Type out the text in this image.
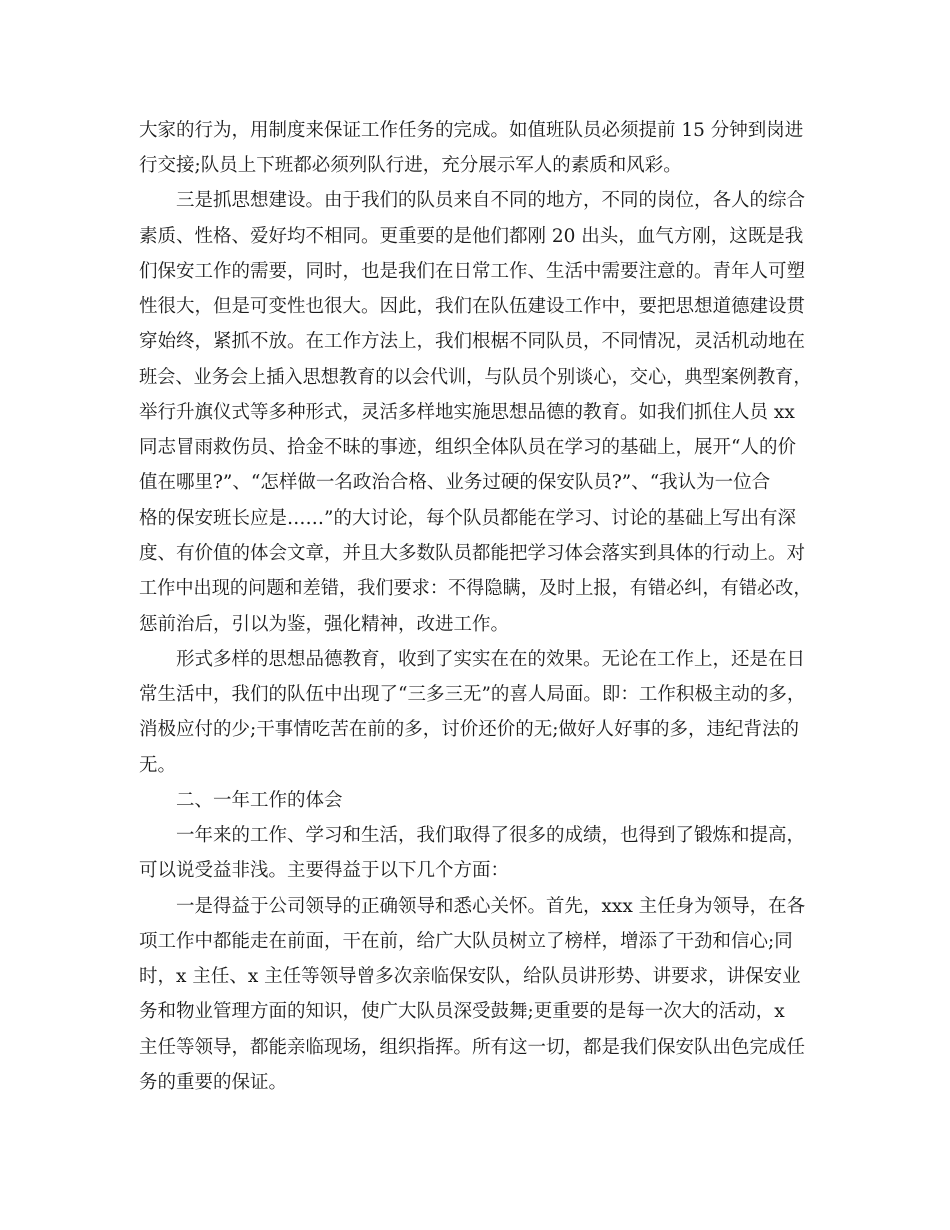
大家的行为，用制度来保证工作任务的完成。如值班队员必须提前 15 分钟到岗进

行交接;队员上下班都必须列队行进，充分展示军人的素质和风彩。

三是抓思想建设。由于我们的队员来自不同的地方，不同的岗位，各人的综合

素质、性格、爱好均不相同。更重要的是他们都刚 20 出头，血气方刚，这既是我

们保安工作的需要，同时，也是我们在日常工作、生活中需要注意的。青年人可塑

性很大，但是可变性也很大。因此，我们在队伍建设工作中，要把思想道德建设贯

穿始终，紧抓不放。在工作方法上，我们根椐不同队员，不同情况，灵活机动地在

班会、业务会上插入思想教育的以会代训，与队员个别谈心，交心，典型案例教育，

举行升旗仪式等多种形式，灵活多样地实施思想品德的教育。如我们抓住人员 xx

同志冒雨救伤员、拾金不昧的事迹，组织全体队员在学习的基础上，展开“人的价

值在哪里?”、“怎样做一名政治合格、业务过硬的保安队员?”、“我认为一位合

格的保安班长应是……”的大讨论，每个队员都能在学习、讨论的基础上写出有深

度、有价值的体会文章，并且大多数队员都能把学习体会落实到具体的行动上。对

工作中出现的问题和差错，我们要求：不得隐瞒，及时上报，有错必纠，有错必改，

惩前治后，引以为鉴，强化精神，改进工作。

形式多样的思想品德教育，收到了实实在在的效果。无论在工作上，还是在日

常生活中，我们的队伍中出现了“三多三无”的喜人局面。即：工作积极主动的多，

消极应付的少;干事情吃苦在前的多，讨价还价的无;做好人好事的多，违纪背法的

无。

二、一年工作的体会

一年来的工作、学习和生活，我们取得了很多的成绩，也得到了锻炼和提高，

可以说受益非浅。主要得益于以下几个方面：

一是得益于公司领导的正确领导和悉心关怀。首先，xxx 主任身为领导，在各

项工作中都能走在前面，干在前，给广大队员树立了榜样，增添了干劲和信心;同

时，x 主任、x 主任等领导曾多次亲临保安队，给队员讲形势、讲要求，讲保安业

务和物业管理方面的知识，使广大队员深受鼓舞;更重要的是每一次大的活动，x

主任等领导，都能亲临现场，组织指挥。所有这一切，都是我们保安队出色完成任

务的重要的保证。
